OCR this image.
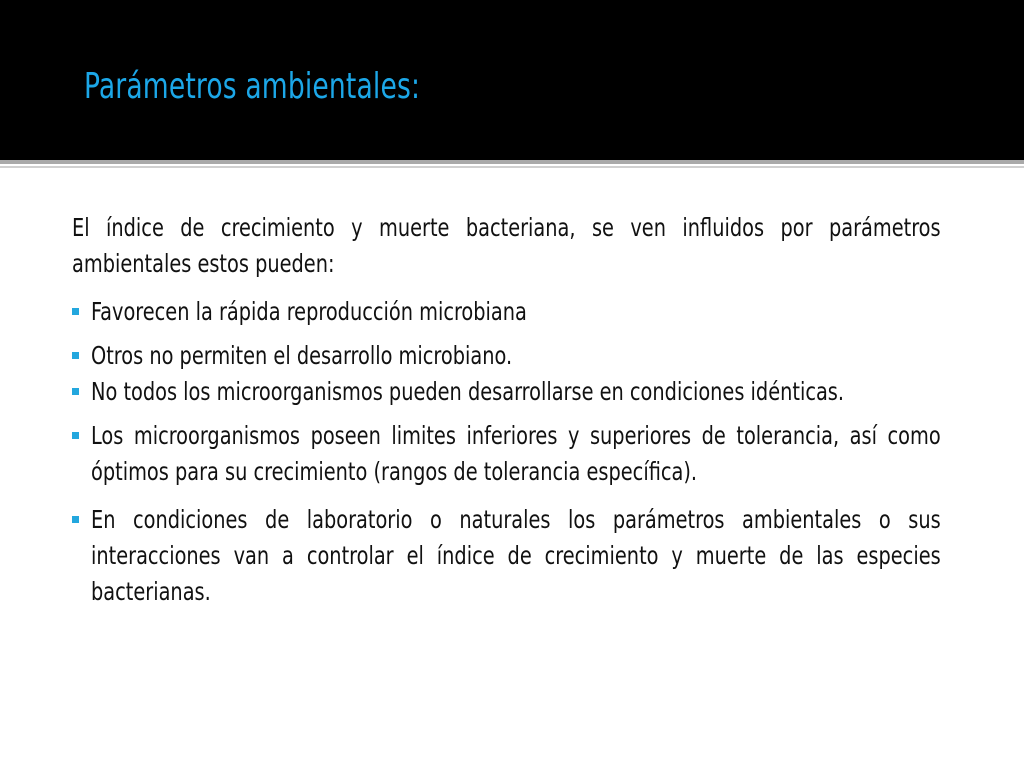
Parámetros ambientales:

El índice de crecimiento y muerte bacteriana, se ven influidos por parámetros ambientales estos pueden:

Favorecen la rápida reproducción microbiana
Otros no permiten el desarrollo microbiano.
No todos los microorganismos pueden desarrollarse en condiciones idénticas.
Los microorganismos poseen limites inferiores y superiores de tolerancia, así como óptimos para su crecimiento (rangos de tolerancia específica).
En condiciones de laboratorio o naturales los parámetros ambientales o sus interacciones van a controlar el índice de crecimiento y muerte de las especies bacterianas.
